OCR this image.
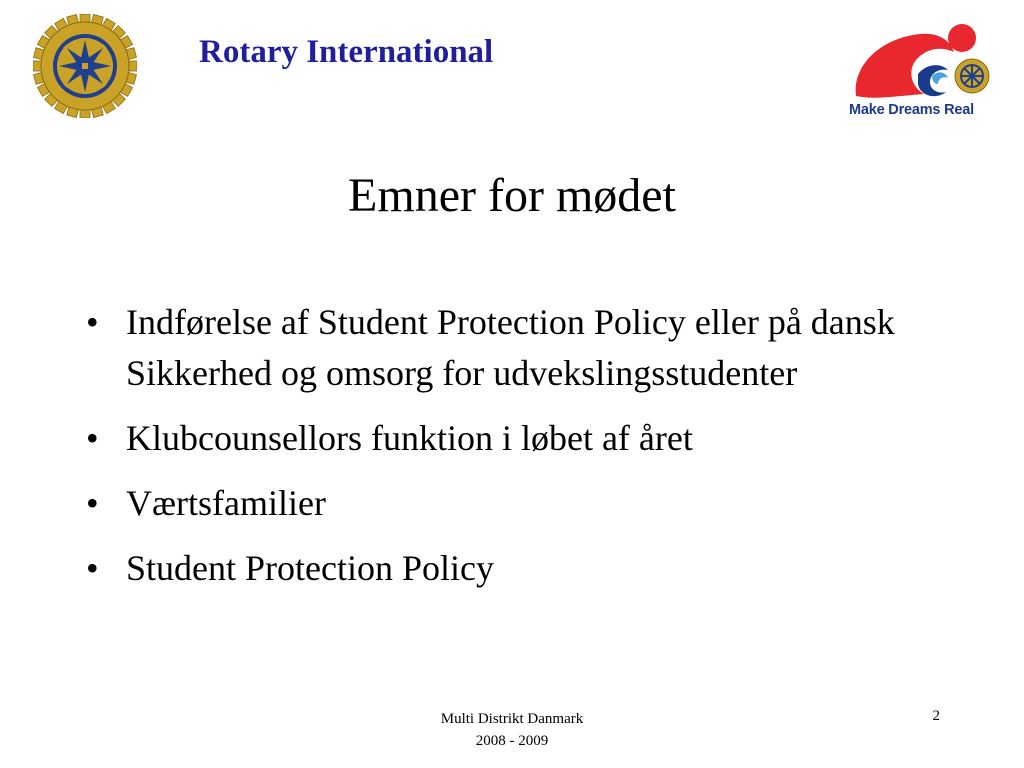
Rotary International
Make Dreams Real
Emner for mødet
• Indførelse af Student Protection Policy eller på dansk Sikkerhed og omsorg for udvekslingsstudenter
• Klubcounsellors funktion i løbet af året
• Værtsfamilier
• Student Protection Policy
Multi Distrikt Danmark
2008 - 2009
2
